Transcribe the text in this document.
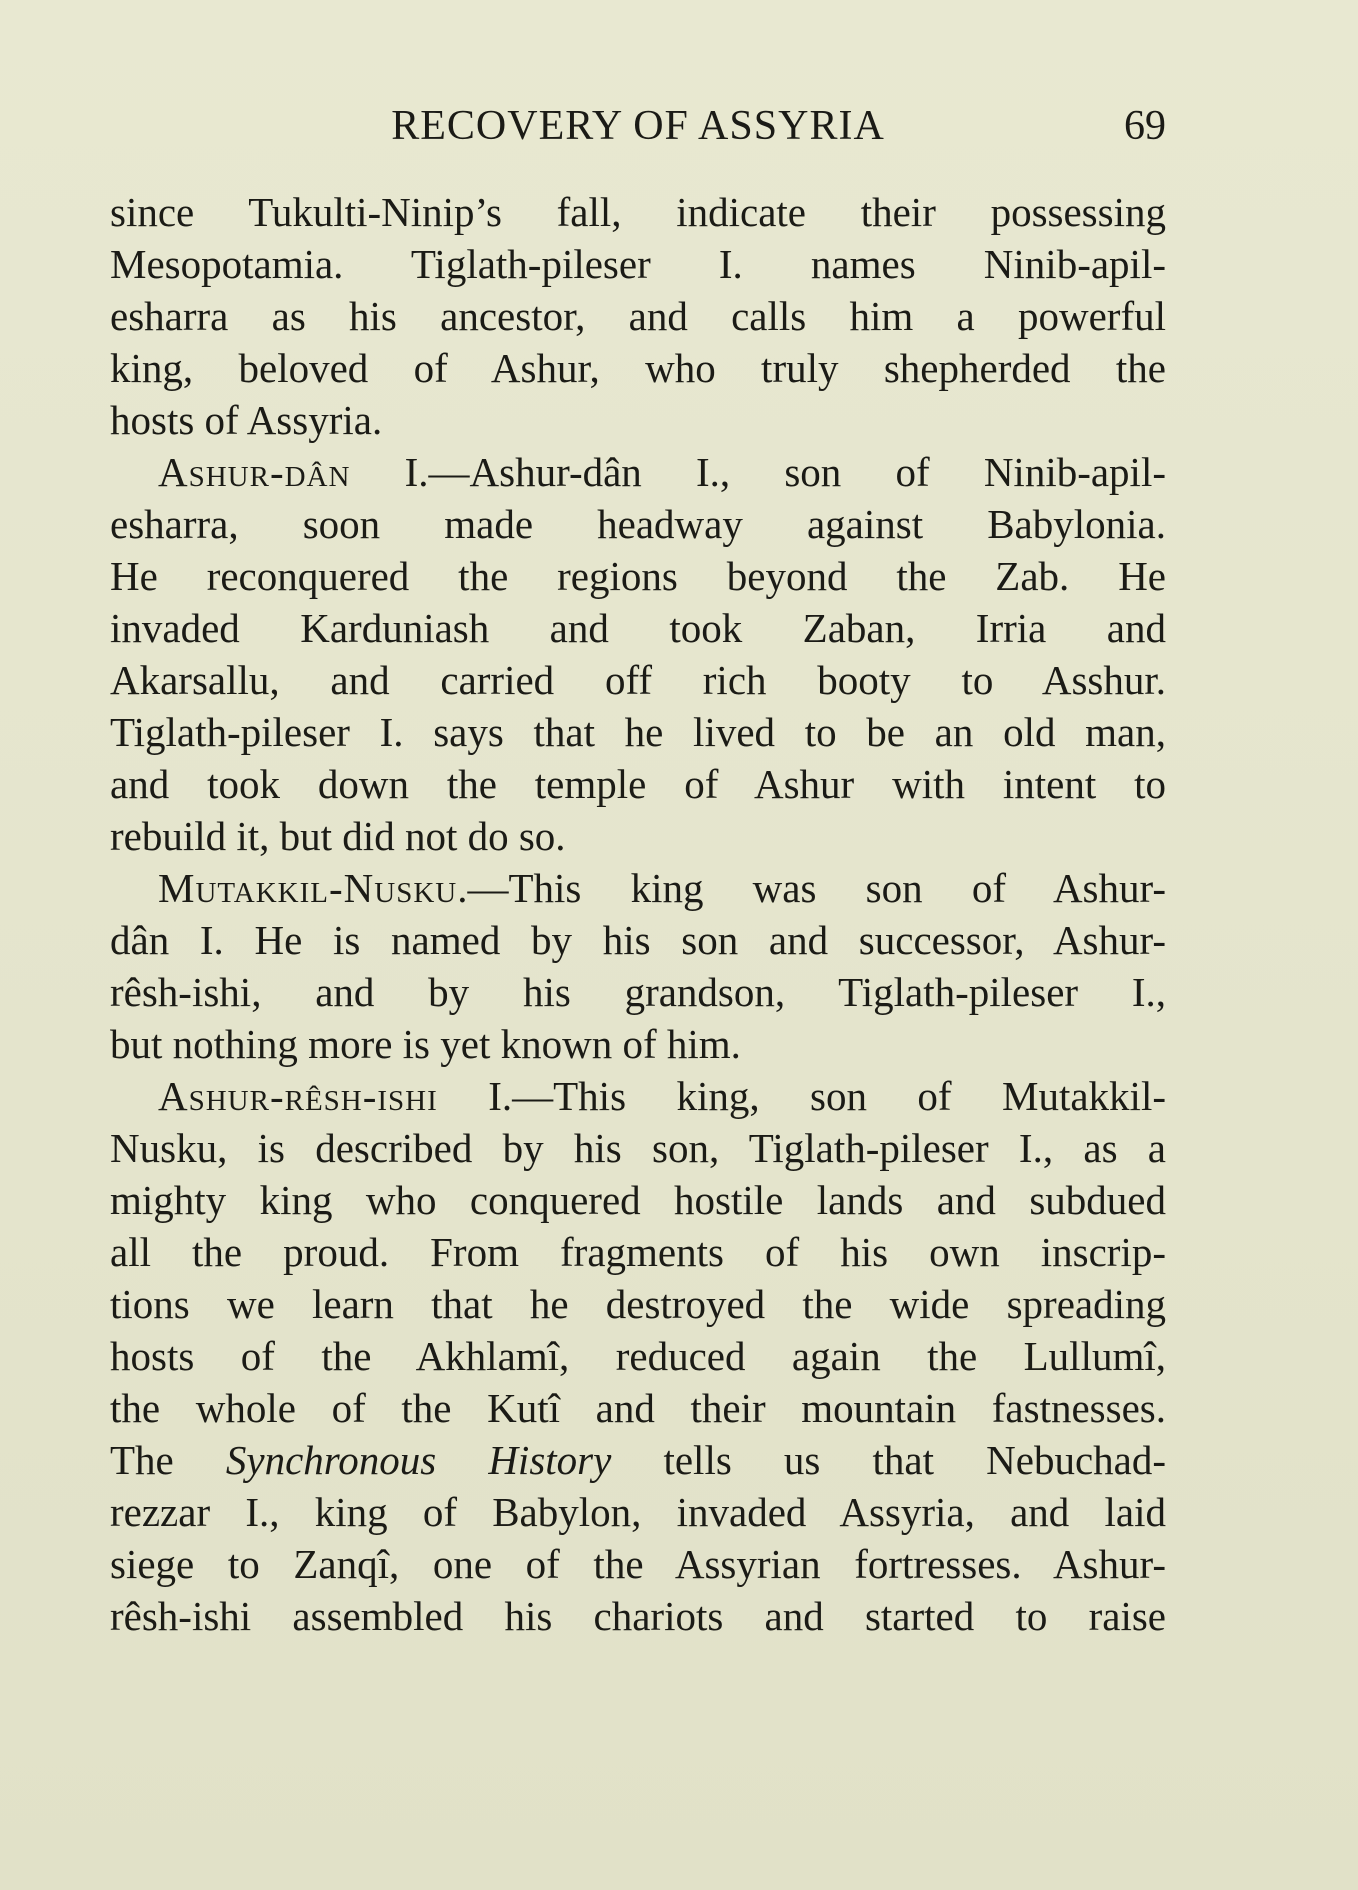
RECOVERY OF ASSYRIA	69
since Tukulti-Ninip’s fall, indicate their possessing
Mesopotamia. Tiglath-pileser I. names Ninib-apil-
esharra as his ancestor, and calls him a powerful
king, beloved of Ashur, who truly shepherded the
hosts of Assyria.
Ashur-dân I.—Ashur-dân I., son of Ninib-apil-
esharra, soon made headway against Babylonia.
He reconquered the regions beyond the Zab. He
invaded Karduniash and took Zaban, Irria and
Akarsallu, and carried off rich booty to Asshur.
Tiglath-pileser I. says that he lived to be an old man,
and took down the temple of Ashur with intent to
rebuild it, but did not do so.
Mutakkil-Nusku.—This king was son of Ashur-
dân I. He is named by his son and successor, Ashur-
rêsh-ishi, and by his grandson, Tiglath-pileser I.,
but nothing more is yet known of him.
Ashur-rêsh-ishi I.—This king, son of Mutakkil-
Nusku, is described by his son, Tiglath-pileser I., as a
mighty king who conquered hostile lands and subdued
all the proud. From fragments of his own inscrip-
tions we learn that he destroyed the wide spreading
hosts of the Akhlamî, reduced again the Lullumî,
the whole of the Kutî and their mountain fastnesses.
The Synchronous History tells us that Nebuchad-
rezzar I., king of Babylon, invaded Assyria, and laid
siege to Zanqî, one of the Assyrian fortresses. Ashur-
rêsh-ishi assembled his chariots and started to raise
